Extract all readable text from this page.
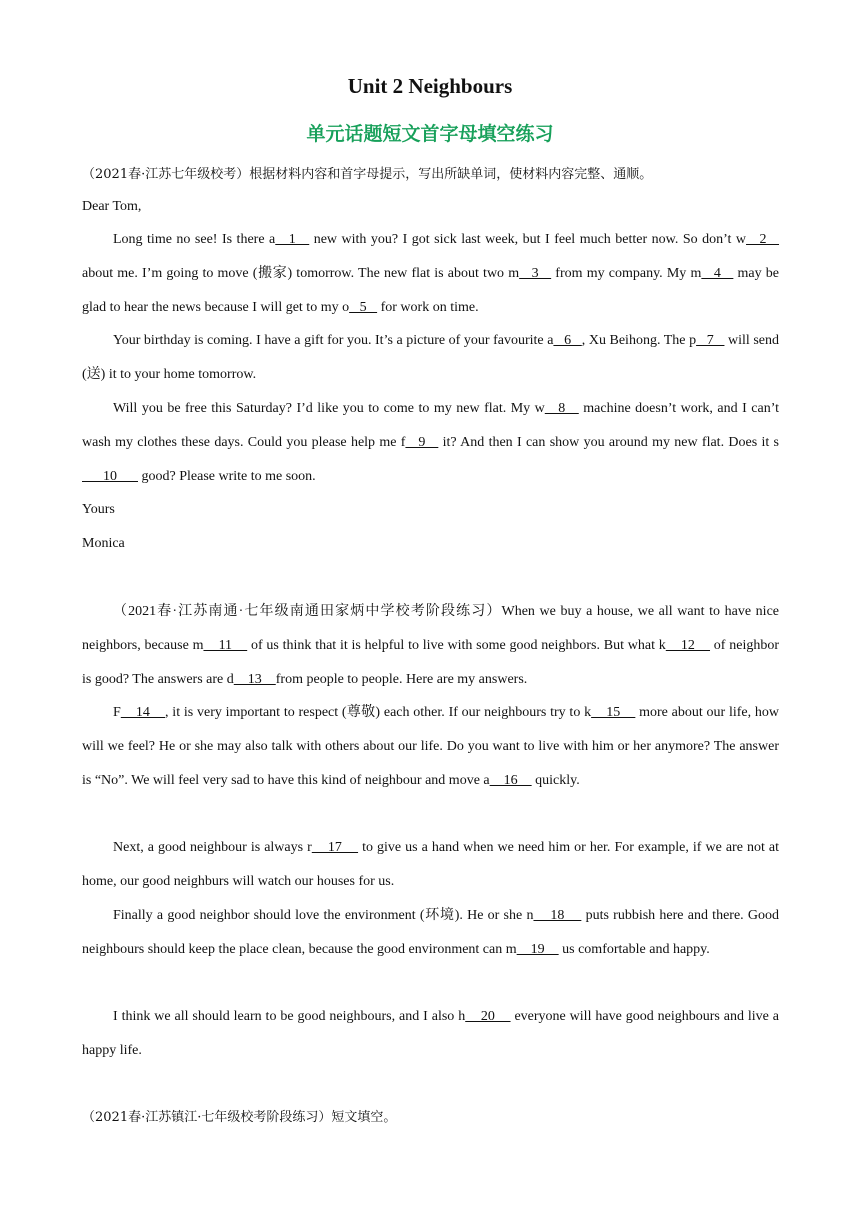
Unit 2 Neighbours
单元话题短文首字母填空练习

（2021春·江苏七年级校考）根据材料内容和首字母提示，写出所缺单词，使材料内容完整、通顺。

Dear Tom,

Long time no see! Is there a   1    new with you? I got sick last week, but I feel much better now. So don’t w   2    about me. I’m going to move (搬家) tomorrow. The new flat is about two m   3    from my company. My m   4    may be glad to hear the news because I will get to my o   5    for work on time.

Your birthday is coming. I have a gift for you. It’s a picture of your favourite a   6   , Xu Beihong. The p   7    will send (送) it to your home tomorrow.

Will you be free this Saturday? I’d like you to come to my new flat. My w   8    machine doesn’t work, and I can’t wash my clothes these days. Could you please help me f   9    it? And then I can show you around my new flat. Does it s      10       good? Please write to me soon.

Yours

Monica

（2021春·江苏南通·七年级南通田家炳中学校考阶段练习）When we buy a house, we all want to have nice neighbors, because m    11     of us think that it is helpful to live with some good neighbors. But what k    12     of neighbor is good? The answers are d    13    from people to people. Here are my answers.

F    14    , it is very important to respect (尊敬) each other. If our neighbours try to k    15     more about our life, how will we feel? He or she may also talk with others about our life. Do you want to live with him or her anymore? The answer is “No”. We will feel very sad to have this kind of neighbour and move a    16     quickly.

Next, a good neighbour is always r    17     to give us a hand when we need him or her. For example, if we are not at home, our good neighburs will watch our houses for us.

Finally a good neighbor should love the environment (环境). He or she n    18     puts rubbish here and there. Good neighbours should keep the place clean, because the good environment can m    19     us comfortable and happy.

I think we all should learn to be good neighbours, and I also h    20     everyone will have good neighbours and live a happy life.

（2021春·江苏镇江·七年级校考阶段练习）短文填空。
